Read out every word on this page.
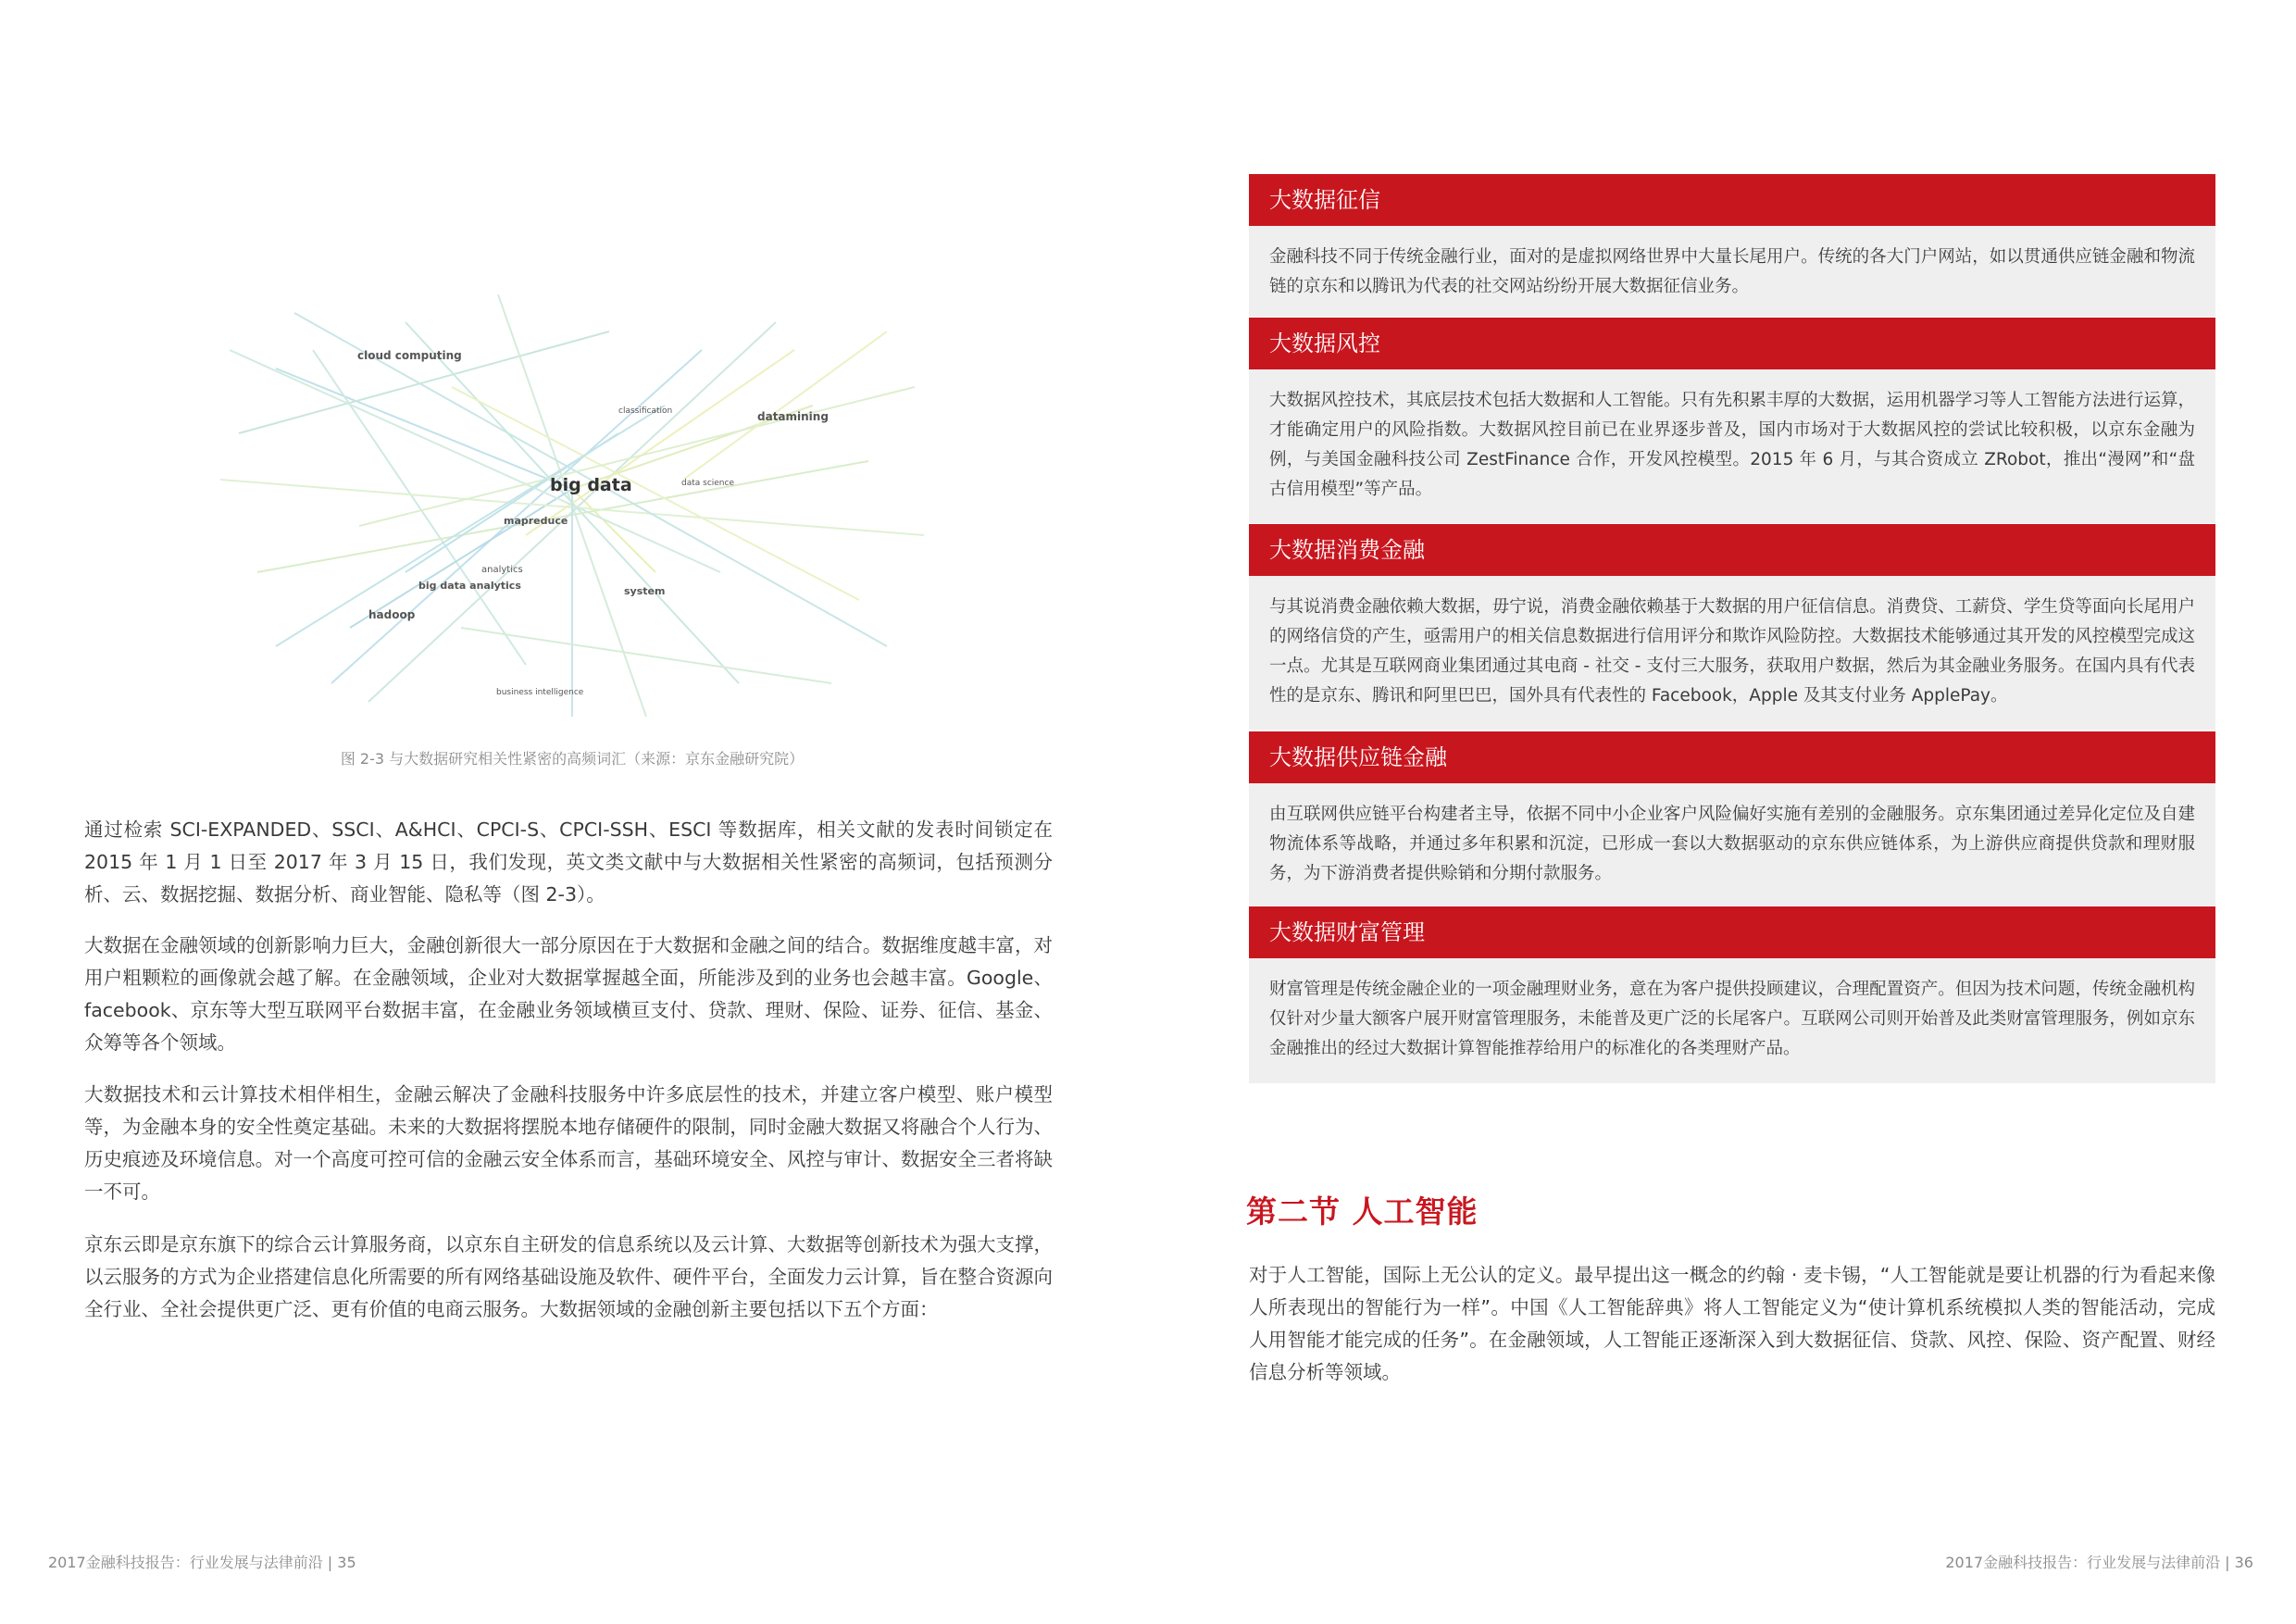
cloud computing
datamining
big data
classification
data science
mapreduce
analytics
big data analytics
hadoop
system
business intelligence
图 2-3 与大数据研究相关性紧密的高频词汇（来源：京东金融研究院）

通过检索 SCI-EXPANDED、SSCI、A&HCI、CPCI-S、CPCI-SSH、ESCI 等数据库，相关文献的发表时间锁定在 2015 年 1 月 1 日至 2017 年 3 月 15 日，我们发现，英文类文献中与大数据相关性紧密的高频词，包括预测分析、云、数据挖掘、数据分析、商业智能、隐私等（图 2-3）。

大数据在金融领域的创新影响力巨大，金融创新很大一部分原因在于大数据和金融之间的结合。数据维度越丰富，对用户粗颗粒的画像就会越了解。在金融领域，企业对大数据掌握越全面，所能涉及到的业务也会越丰富。Google、facebook、京东等大型互联网平台数据丰富，在金融业务领域横亘支付、贷款、理财、保险、证券、征信、基金、众筹等各个领域。

大数据技术和云计算技术相伴相生，金融云解决了金融科技服务中许多底层性的技术，并建立客户模型、账户模型等，为金融本身的安全性奠定基础。未来的大数据将摆脱本地存储硬件的限制，同时金融大数据又将融合个人行为、历史痕迹及环境信息。对一个高度可控可信的金融云安全体系而言，基础环境安全、风控与审计、数据安全三者将缺一不可。

京东云即是京东旗下的综合云计算服务商，以京东自主研发的信息系统以及云计算、大数据等创新技术为强大支撑，以云服务的方式为企业搭建信息化所需要的所有网络基础设施及软件、硬件平台，全面发力云计算，旨在整合资源向全行业、全社会提供更广泛、更有价值的电商云服务。大数据领域的金融创新主要包括以下五个方面：

大数据征信
金融科技不同于传统金融行业，面对的是虚拟网络世界中大量长尾用户。传统的各大门户网站，如以贯通供应链金融和物流链的京东和以腾讯为代表的社交网站纷纷开展大数据征信业务。
大数据风控
大数据风控技术，其底层技术包括大数据和人工智能。只有先积累丰厚的大数据，运用机器学习等人工智能方法进行运算，才能确定用户的风险指数。大数据风控目前已在业界逐步普及，国内市场对于大数据风控的尝试比较积极，以京东金融为例，与美国金融科技公司 ZestFinance 合作，开发风控模型。2015 年 6 月，与其合资成立 ZRobot，推出“漫网”和“盘古信用模型”等产品。
大数据消费金融
与其说消费金融依赖大数据，毋宁说，消费金融依赖基于大数据的用户征信信息。消费贷、工薪贷、学生贷等面向长尾用户的网络信贷的产生，亟需用户的相关信息数据进行信用评分和欺诈风险防控。大数据技术能够通过其开发的风控模型完成这一点。尤其是互联网商业集团通过其电商 - 社交 - 支付三大服务，获取用户数据，然后为其金融业务服务。在国内具有代表性的是京东、腾讯和阿里巴巴，国外具有代表性的 Facebook，Apple 及其支付业务 ApplePay。
大数据供应链金融
由互联网供应链平台构建者主导，依据不同中小企业客户风险偏好实施有差别的金融服务。京东集团通过差异化定位及自建物流体系等战略，并通过多年积累和沉淀，已形成一套以大数据驱动的京东供应链体系，为上游供应商提供贷款和理财服务，为下游消费者提供赊销和分期付款服务。
大数据财富管理
财富管理是传统金融企业的一项金融理财业务，意在为客户提供投顾建议，合理配置资产。但因为技术问题，传统金融机构仅针对少量大额客户展开财富管理服务，未能普及更广泛的长尾客户。互联网公司则开始普及此类财富管理服务，例如京东金融推出的经过大数据计算智能推荐给用户的标准化的各类理财产品。
第二节 人工智能

对于人工智能，国际上无公认的定义。最早提出这一概念的约翰 · 麦卡锡，“人工智能就是要让机器的行为看起来像人所表现出的智能行为一样”。中国《人工智能辞典》将人工智能定义为“使计算机系统模拟人类的智能活动，完成人用智能才能完成的任务”。在金融领域，人工智能正逐渐深入到大数据征信、贷款、风控、保险、资产配置、财经信息分析等领域。

2017金融科技报告：行业发展与法律前沿 | 35	2017金融科技报告：行业发展与法律前沿 | 36
